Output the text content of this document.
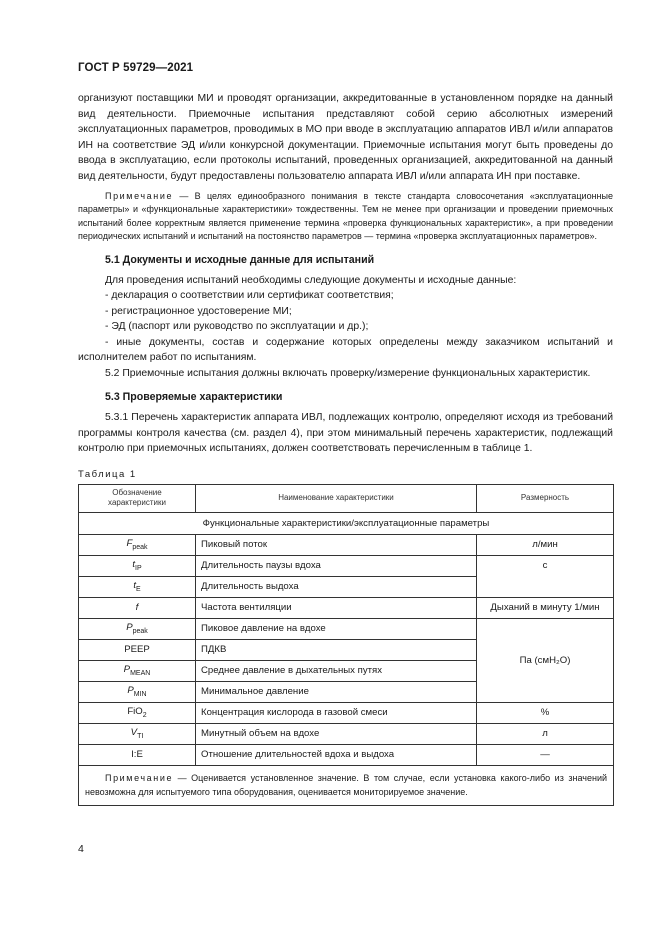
ГОСТ Р 59729—2021

организуют поставщики МИ и проводят организации, аккредитованные в установленном порядке на данный вид деятельности. Приемочные испытания представляют собой серию абсолютных измерений эксплуатационных параметров, проводимых в МО при вводе в эксплуатацию аппаратов ИВЛ и/или аппаратов ИН на соответствие ЭД и/или конкурсной документации. Приемочные испытания могут быть проведены до ввода в эксплуатацию, если протоколы испытаний, проведенных организацией, аккредитованной на данный вид деятельности, будут предоставлены пользователю аппарата ИВЛ и/или аппарата ИН при поставке.

Примечание — В целях единообразного понимания в тексте стандарта словосочетания «эксплуатационные параметры» и «функциональные характеристики» тождественны. Тем не менее при организации и проведении приемочных испытаний более корректным является применение термина «проверка функциональных характеристик», а при проведении периодических испытаний и испытаний на постоянство параметров — термина «проверка эксплуатационных параметров».

5.1 Документы и исходные данные для испытаний

Для проведения испытаний необходимы следующие документы и исходные данные:

- декларация о соответствии или сертификат соответствия;

- регистрационное удостоверение МИ;

- ЭД (паспорт или руководство по эксплуатации и др.);

- иные документы, состав и содержание которых определены между заказчиком испытаний и исполнителем работ по испытаниям.

5.2 Приемочные испытания должны включать проверку/измерение функциональных характеристик.

5.3 Проверяемые характеристики

5.3.1 Перечень характеристик аппарата ИВЛ, подлежащих контролю, определяют исходя из требований программы контроля качества (см. раздел 4), при этом минимальный перечень характеристик, подлежащий контролю при приемочных испытаниях, должен соответствовать перечисленным в таблице 1.

Таблица 1
Обозначение характеристики	Наименование характеристики	Размерность
Функциональные характеристики/эксплуатационные параметры		
$F_{peak}$	Пиковый поток	л/мин
$t_{IP}$	Длительность паузы вдоха	с
$t_E$	Длительность выдоха	
f	Частота вентиляции	Дыханий в минуту 1/мин
$P_{peak}$	Пиковое давление на вдохе	Па (смH₂O)
PEEP	ПДКВ	
$P_{MEAN}$	Среднее давление в дыхательных путях	
$P_{MIN}$	Минимальное давление	
FiO$_2$	Концентрация кислорода в газовой смеси	%
$V_{TI}$	Минутный объем на вдохе	л
I:E	Отношение длительностей вдоха и выдоха	—
Примечание — Оценивается установленное значение. В том случае, если установка какого-либо из значений невозможна для испытуемого типа оборудования, оценивается мониторируемое значение.		
4
